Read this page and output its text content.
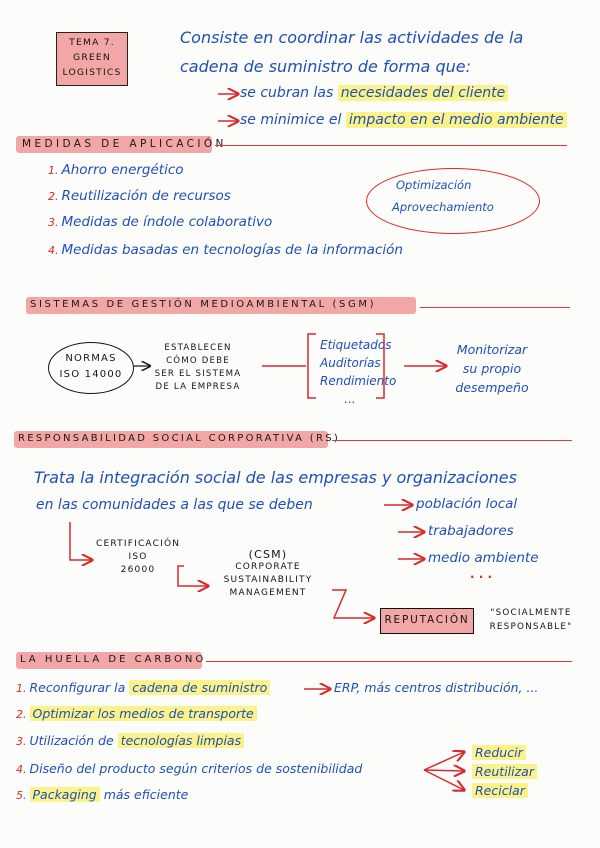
TEMA 7.
GREEN
LOGISTICS
Consiste en coordinar las actividades de la
cadena de suministro de forma que:
se cubran las necesidades del cliente
se minimice el impacto en el medio ambiente
MEDIDAS DE APLICACIÓN
1. Ahorro energético
2. Reutilización de recursos
3. Medidas de índole colaborativo
4. Medidas basadas en tecnologías de la información
Optimización
Aprovechamiento
SISTEMAS DE GESTIÓN MEDIOAMBIENTAL (SGM)
NORMAS
ISO 14000
ESTABLECEN
CÓMO DEBE
SER EL SISTEMA
DE LA EMPRESA
Etiquetados
Auditorías
Rendimiento
...
Monitorizar
su propio
desempeño
RESPONSABILIDAD SOCIAL CORPORATIVA (RS)
Trata la integración social de las empresas y organizaciones
en las comunidades a las que se deben	población local
trabajadores
medio ambiente
. . .
CERTIFICACIÓN
ISO
26000
(CSM)
CORPORATE
SUSTAINABILITY
MANAGEMENT
REPUTACIÓN
"SOCIALMENTE
RESPONSABLE"
LA HUELLA DE CARBONO
1. Reconfigurar la cadena de suministro	ERP, más centros distribución, ...
2. Optimizar los medios de transporte
3. Utilización de tecnologías limpias
4. Diseño del producto según criterios de sostenibilidad
5. Packaging más eficiente
Reducir
Reutilizar
Reciclar
